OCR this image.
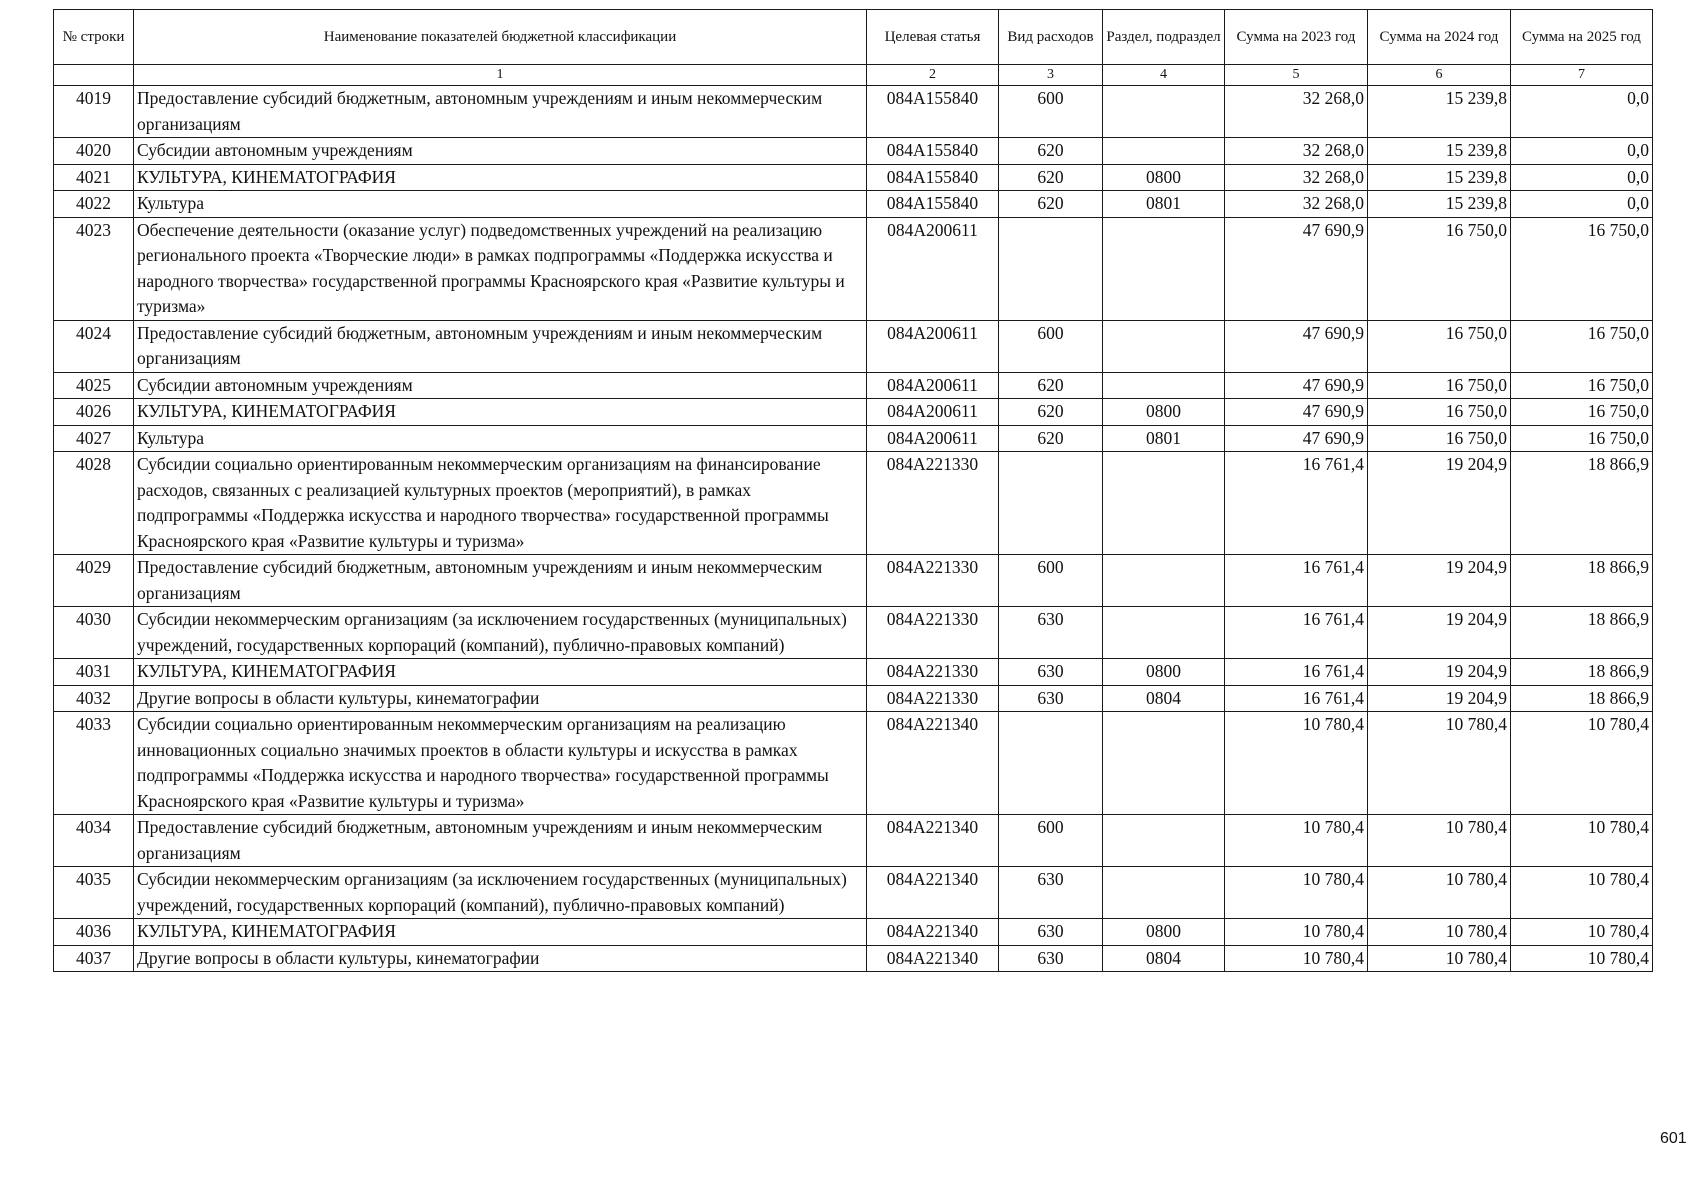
№ строки	Наименование показателей бюджетной классификации	Целевая статья	Вид расходов	Раздел, подраздел	Сумма на 2023 год	Сумма на 2024 год	Сумма на 2025 год
	1	2	3	4	5	6	7
4019	Предоставление субсидий бюджетным, автономным учреждениям и иным некоммерческим организациям	084А155840	600		32 268,0	15 239,8	0,0
4020	Субсидии автономным учреждениям	084А155840	620		32 268,0	15 239,8	0,0
4021	КУЛЬТУРА, КИНЕМАТОГРАФИЯ	084А155840	620	0800	32 268,0	15 239,8	0,0
4022	Культура	084А155840	620	0801	32 268,0	15 239,8	0,0
4023	Обеспечение деятельности (оказание услуг) подведомственных учреждений на реализацию регионального проекта «Творческие люди» в рамках подпрограммы «Поддержка искусства и народного творчества» государственной программы Красноярского края «Развитие культуры и туризма»	084А200611			47 690,9	16 750,0	16 750,0
4024	Предоставление субсидий бюджетным, автономным учреждениям и иным некоммерческим организациям	084А200611	600		47 690,9	16 750,0	16 750,0
4025	Субсидии автономным учреждениям	084А200611	620		47 690,9	16 750,0	16 750,0
4026	КУЛЬТУРА, КИНЕМАТОГРАФИЯ	084А200611	620	0800	47 690,9	16 750,0	16 750,0
4027	Культура	084А200611	620	0801	47 690,9	16 750,0	16 750,0
4028	Субсидии социально ориентированным некоммерческим организациям на финансирование расходов, связанных с реализацией культурных проектов (мероприятий), в рамках подпрограммы «Поддержка искусства и народного творчества» государственной программы Красноярского края «Развитие культуры и туризма»	084А221330			16 761,4	19 204,9	18 866,9
4029	Предоставление субсидий бюджетным, автономным учреждениям и иным некоммерческим организациям	084А221330	600		16 761,4	19 204,9	18 866,9
4030	Субсидии некоммерческим организациям (за исключением государственных (муниципальных) учреждений, государственных корпораций (компаний), публично-правовых компаний)	084А221330	630		16 761,4	19 204,9	18 866,9
4031	КУЛЬТУРА, КИНЕМАТОГРАФИЯ	084А221330	630	0800	16 761,4	19 204,9	18 866,9
4032	Другие вопросы в области культуры, кинематографии	084А221330	630	0804	16 761,4	19 204,9	18 866,9
4033	Субсидии социально ориентированным некоммерческим организациям на реализацию инновационных социально значимых проектов в области культуры и искусства в рамках подпрограммы «Поддержка искусства и народного творчества» государственной программы Красноярского края «Развитие культуры и туризма»	084А221340			10 780,4	10 780,4	10 780,4
4034	Предоставление субсидий бюджетным, автономным учреждениям и иным некоммерческим организациям	084А221340	600		10 780,4	10 780,4	10 780,4
4035	Субсидии некоммерческим организациям (за исключением государственных (муниципальных) учреждений, государственных корпораций (компаний), публично-правовых компаний)	084А221340	630		10 780,4	10 780,4	10 780,4
4036	КУЛЬТУРА, КИНЕМАТОГРАФИЯ	084А221340	630	0800	10 780,4	10 780,4	10 780,4
4037	Другие вопросы в области культуры, кинематографии	084А221340	630	0804	10 780,4	10 780,4	10 780,4
601
